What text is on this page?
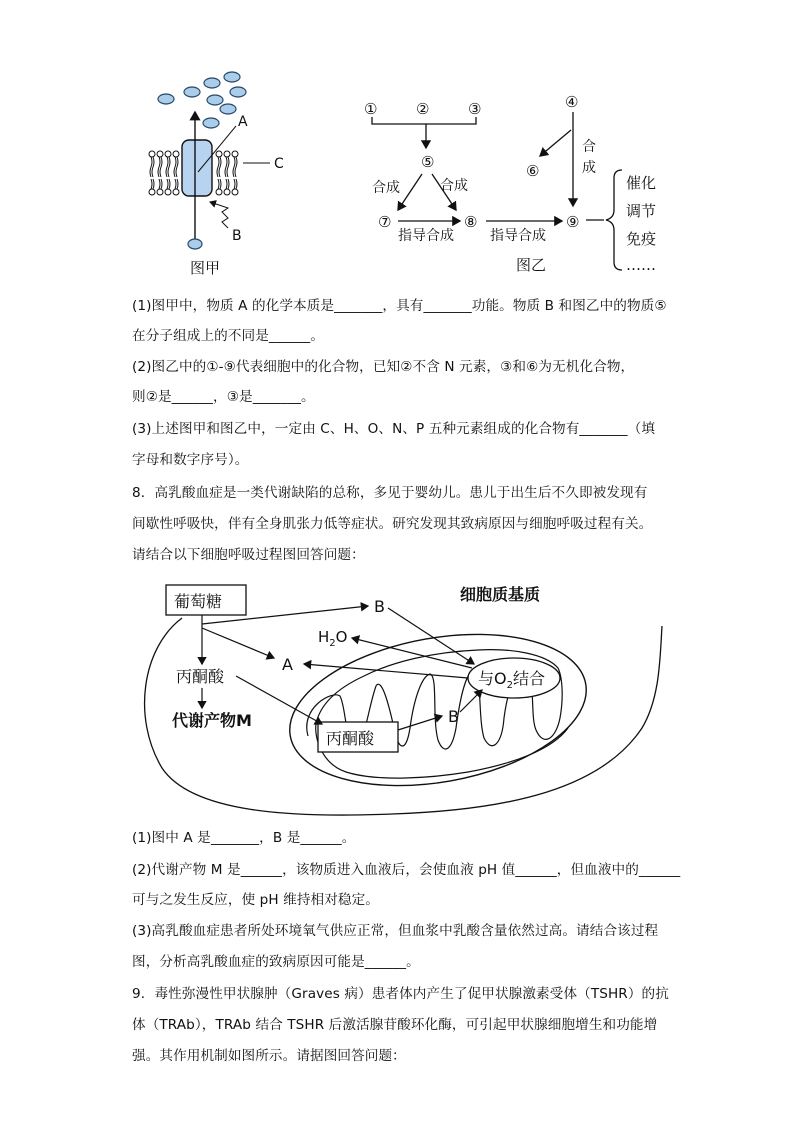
A
C
B
图甲
①	②	③	④
⑤	⑥
⑦	⑧	⑨
合成	合成
合
成
指导合成	指导合成
图乙
催化
调节
免疫
……
(1)图甲中，物质 A 的化学本质是_______，具有_______功能。物质 B 和图乙中的物质⑤
在分子组成上的不同是______。
(2)图乙中的①-⑨代表细胞中的化合物，已知②不含 N 元素，③和⑥为无机化合物，
则②是______，③是_______。
(3)上述图甲和图乙中，一定由 C、H、O、N、P 五种元素组成的化合物有_______（填
字母和数字序号）。
8．高乳酸血症是一类代谢缺陷的总称，多见于婴幼儿。患儿于出生后不久即被发现有
间歇性呼吸快，伴有全身肌张力低等症状。研究发现其致病原因与细胞呼吸过程有关。
请结合以下细胞呼吸过程图回答问题：
葡萄糖	细胞质基质
丙酮酸
代谢产物M
丙酮酸
与$O_2$结合
$H_2O$
A
B
B
(1)图中 A 是_______，B 是______。
(2)代谢产物 M 是______，该物质进入血液后，会使血液 pH 值______，但血液中的______
可与之发生反应，使 pH 维持相对稳定。
(3)高乳酸血症患者所处环境氧气供应正常，但血浆中乳酸含量依然过高。请结合该过程
图，分析高乳酸血症的致病原因可能是______。
9．毒性弥漫性甲状腺肿（Graves 病）患者体内产生了促甲状腺激素受体（TSHR）的抗
体（TRAb），TRAb 结合 TSHR 后激活腺苷酸环化酶，可引起甲状腺细胞增生和功能增
强。其作用机制如图所示。请据图回答问题：
